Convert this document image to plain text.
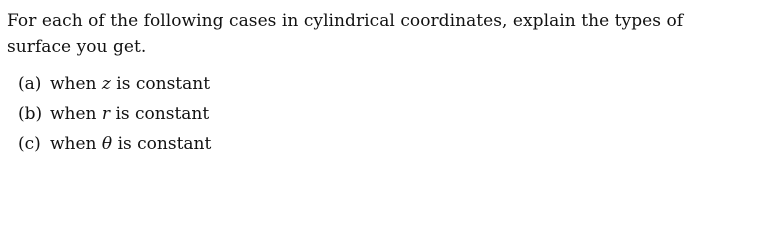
For each of the following cases in cylindrical coordinates, explain the types of surface you get.
(a) when z is constant
(b) when r is constant
(c) when θ is constant
